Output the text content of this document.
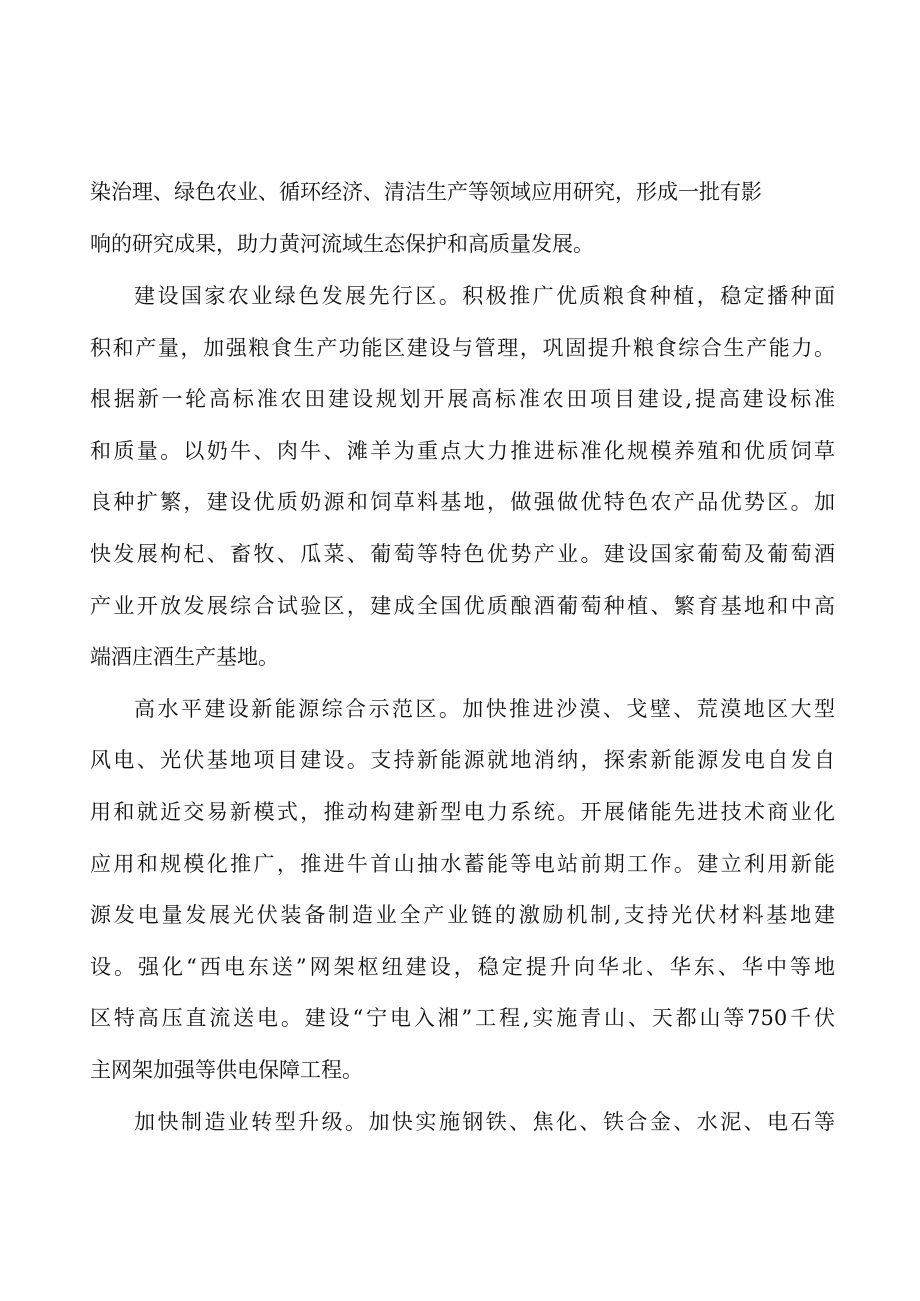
染治理、绿色农业、循环经济、清洁生产等领域应用研究，形成一批有影
响的研究成果，助力黄河流域生态保护和高质量发展。
建设国家农业绿色发展先行区。积极推广优质粮食种植，稳定播种面
积和产量，加强粮食生产功能区建设与管理，巩固提升粮食综合生产能力。
根据新一轮高标准农田建设规划开展高标准农田项目建设,提高建设标准
和质量。以奶牛、肉牛、滩羊为重点大力推进标准化规模养殖和优质饲草
良种扩繁，建设优质奶源和饲草料基地，做强做优特色农产品优势区。加
快发展枸杞、畜牧、瓜菜、葡萄等特色优势产业。建设国家葡萄及葡萄酒
产业开放发展综合试验区，建成全国优质酿酒葡萄种植、繁育基地和中高
端酒庄酒生产基地。
高水平建设新能源综合示范区。加快推进沙漠、戈壁、荒漠地区大型
风电、光伏基地项目建设。支持新能源就地消纳，探索新能源发电自发自
用和就近交易新模式，推动构建新型电力系统。开展储能先进技术商业化
应用和规模化推广，推进牛首山抽水蓄能等电站前期工作。建立利用新能
源发电量发展光伏装备制造业全产业链的激励机制,支持光伏材料基地建
设。强化“西电东送”网架枢纽建设，稳定提升向华北、华东、华中等地
区特高压直流送电。建设“宁电入湘”工程,实施青山、天都山等750千伏
主网架加强等供电保障工程。
加快制造业转型升级。加快实施钢铁、焦化、铁合金、水泥、电石等
